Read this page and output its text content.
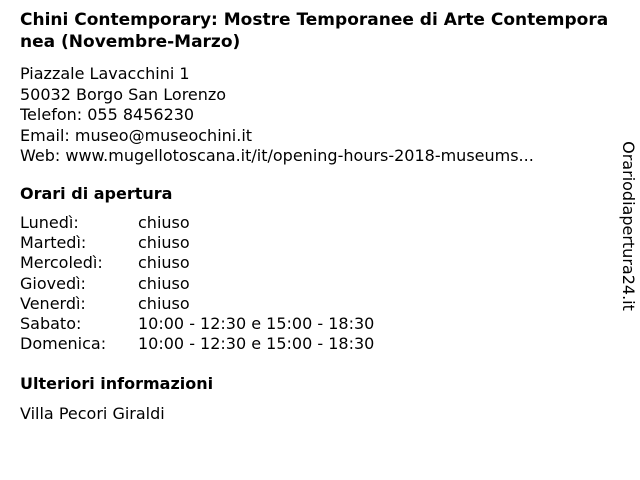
Chini Contemporary: Mostre Temporanee di Arte Contemporanea (Novembre-Marzo)
Piazzale Lavacchini 1
50032 Borgo San Lorenzo
Telefon: 055 8456230
Email: museo@museochini.it
Web: www.mugellotoscana.it/it/opening-hours-2018-museums...
Orari di apertura
Lunedì:	chiuso
Martedì:	chiuso
Mercoledì:	chiuso
Giovedì:	chiuso
Venerdì:	chiuso
Sabato:	10:00 - 12:30 e 15:00 - 18:30
Domenica:	10:00 - 12:30 e 15:00 - 18:30
Ulteriori informazioni
Villa Pecori Giraldi
Orariodiapertura24.it
